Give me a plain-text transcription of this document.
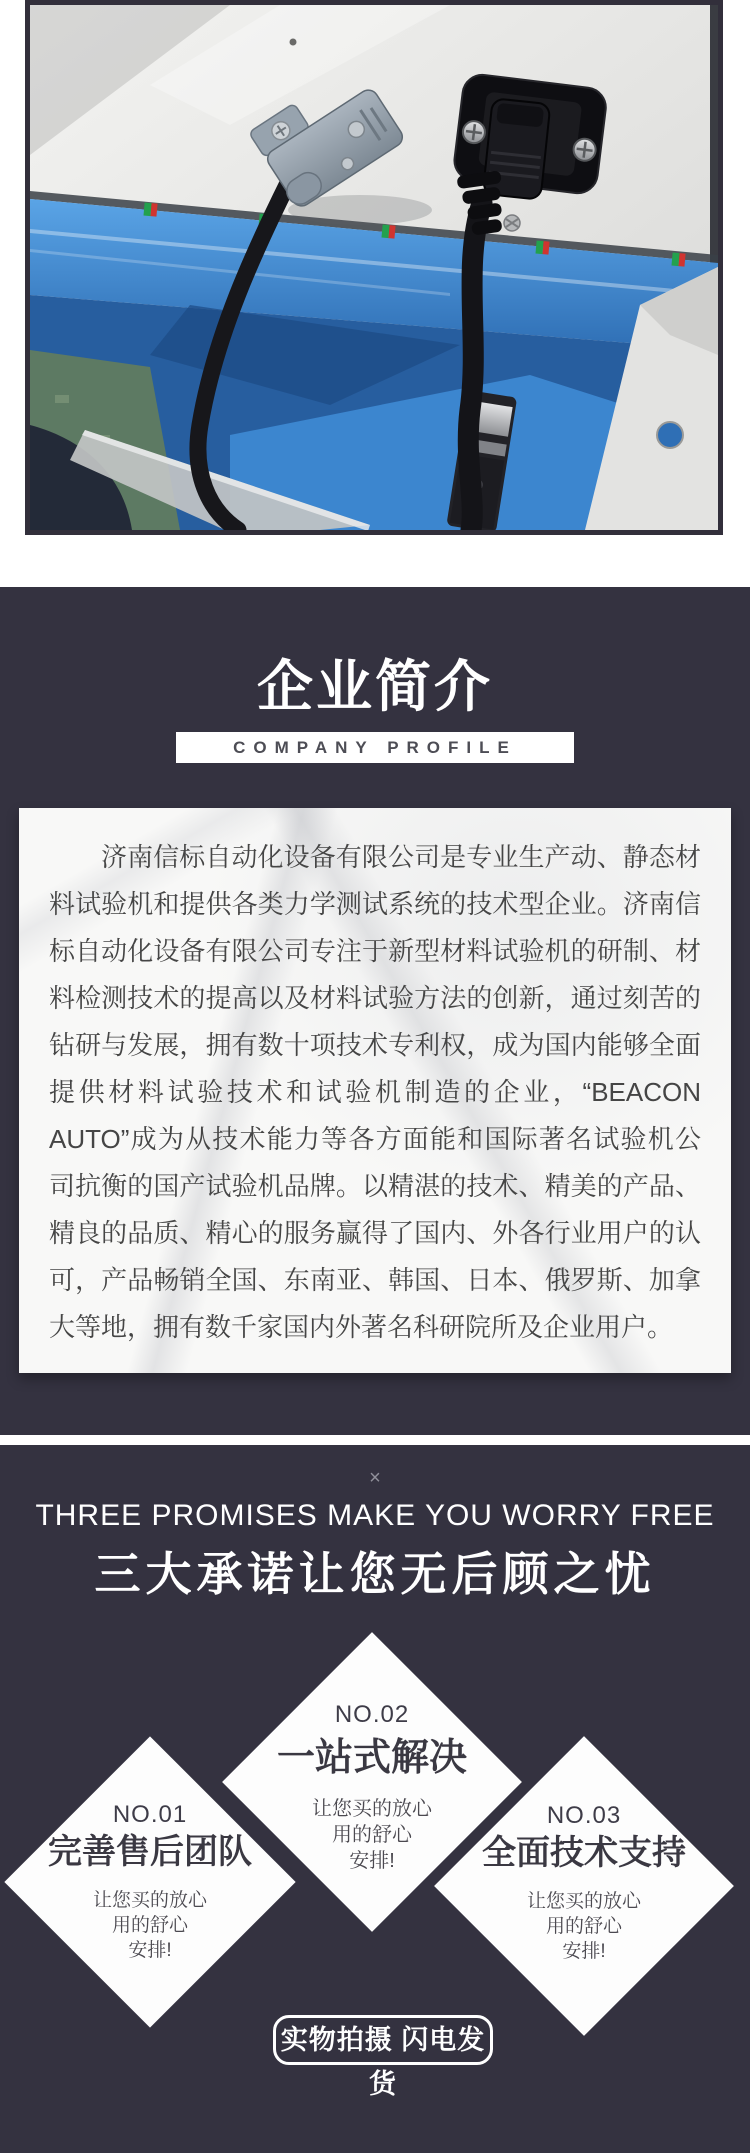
企业简介
COMPANY PROFILE

济南信标自动化设备有限公司是专业生产动、静态材料试验机和提供各类力学测试系统的技术型企业。济南信标自动化设备有限公司专注于新型材料试验机的研制、材料检测技术的提高以及材料试验方法的创新，通过刻苦的钻研与发展，拥有数十项技术专利权，成为国内能够全面提供材料试验技术和试验机制造的企业，“BEACON AUTO”成为从技术能力等各方面能和国际著名试验机公司抗衡的国产试验机品牌。以精湛的技术、精美的产品、精良的品质、精心的服务赢得了国内、外各行业用户的认可，产品畅销全国、东南亚、韩国、日本、俄罗斯、加拿大等地，拥有数千家国内外著名科研院所及企业用户。

×
THREE PROMISES MAKE YOU WORRY FREE
三大承诺让您无后顾之忧
NO.02
一站式解决
让您买的放心
用的舒心
安排!
NO.01
完善售后团队
让您买的放心
用的舒心
安排!
NO.03
全面技术支持
让您买的放心
用的舒心
安排!
实物拍摄 闪电发货
